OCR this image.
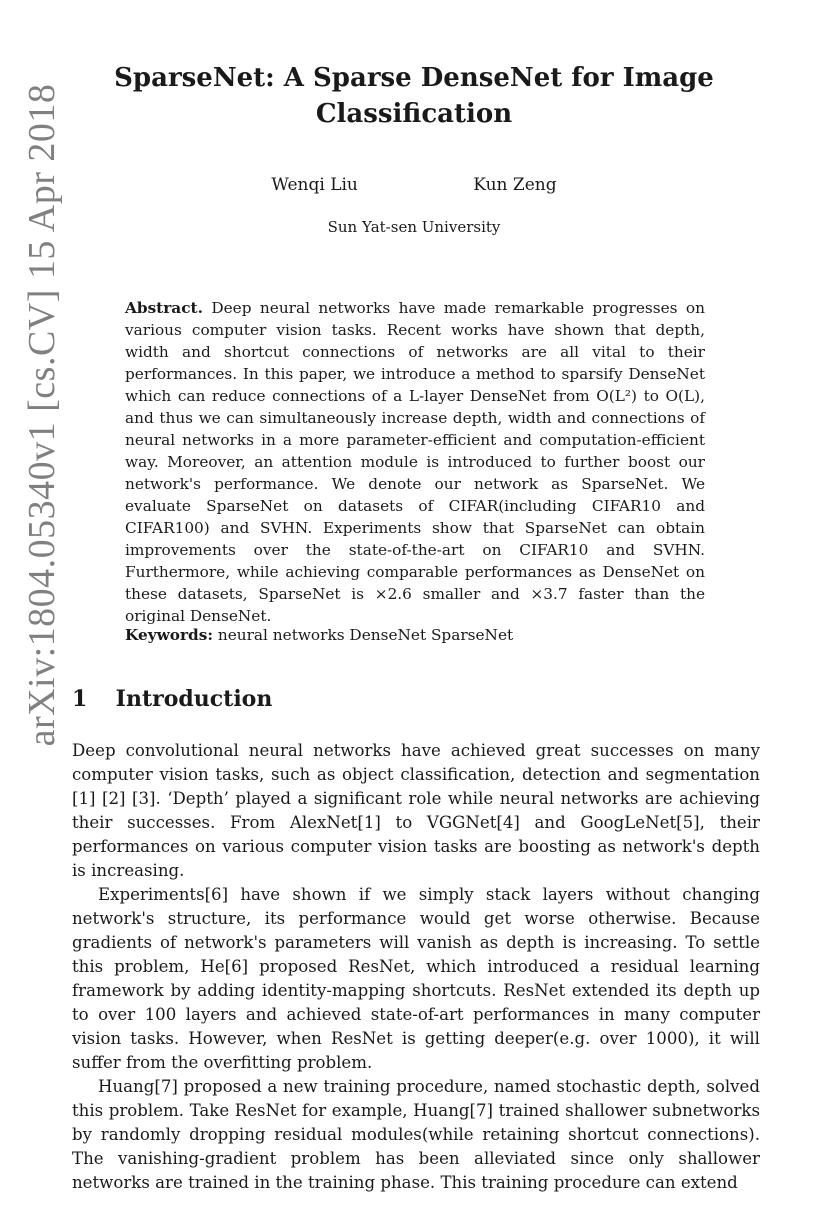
arXiv:1804.05340v1 [cs.CV] 15 Apr 2018
SparseNet: A Sparse DenseNet for Image Classification
Wenqi Liu	Kun Zeng
Sun Yat-sen University
Abstract. Deep neural networks have made remarkable progresses on various computer vision tasks. Recent works have shown that depth, width and shortcut connections of networks are all vital to their performances. In this paper, we introduce a method to sparsify DenseNet which can reduce connections of a L-layer DenseNet from O(L²) to O(L), and thus we can simultaneously increase depth, width and connections of neural networks in a more parameter-efficient and computation-efficient way. Moreover, an attention module is introduced to further boost our network's performance. We denote our network as SparseNet. We evaluate SparseNet on datasets of CIFAR(including CIFAR10 and CIFAR100) and SVHN. Experiments show that SparseNet can obtain improvements over the state-of-the-art on CIFAR10 and SVHN. Furthermore, while achieving comparable performances as DenseNet on these datasets, SparseNet is ×2.6 smaller and ×3.7 faster than the original DenseNet.
Keywords: neural networks DenseNet SparseNet
1 Introduction

Deep convolutional neural networks have achieved great successes on many computer vision tasks, such as object classification, detection and segmentation [1] [2] [3]. ‘Depth’ played a significant role while neural networks are achieving their successes. From AlexNet[1] to VGGNet[4] and GoogLeNet[5], their performances on various computer vision tasks are boosting as network's depth is increasing.

Experiments[6] have shown if we simply stack layers without changing network's structure, its performance would get worse otherwise. Because gradients of network's parameters will vanish as depth is increasing. To settle this problem, He[6] proposed ResNet, which introduced a residual learning framework by adding identity-mapping shortcuts. ResNet extended its depth up to over 100 layers and achieved state-of-art performances in many computer vision tasks. However, when ResNet is getting deeper(e.g. over 1000), it will suffer from the overfitting problem.

Huang[7] proposed a new training procedure, named stochastic depth, solved this problem. Take ResNet for example, Huang[7] trained shallower subnetworks by randomly dropping residual modules(while retaining shortcut connections). The vanishing-gradient problem has been alleviated since only shallower networks are trained in the training phase. This training procedure can extend
